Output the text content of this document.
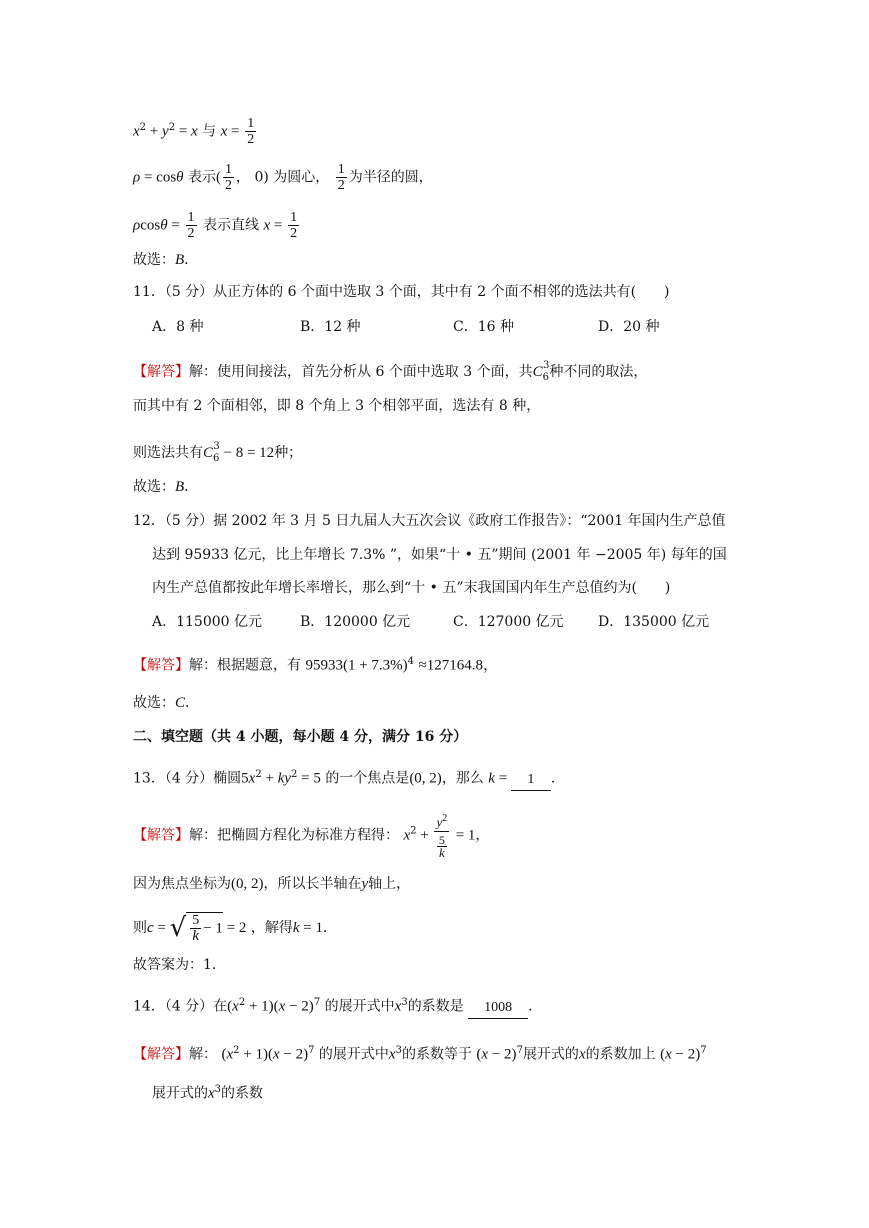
$x^2 + y^2 = x$ 与 $x = \frac{1}{2}$
ρ = cosθ 表示( $\frac{1}{2}$ ， 0) 为圆心， $\frac{1}{2}$ 为半径的圆，
$\rho\cos\theta = \frac{1}{2}$ 表示直线 $x = \frac{1}{2}$
故选：B．
11．（5 分）从正方体的 6 个面中选取 3 个面，其中有 2 个面不相邻的选法共有(　　)
A．8 种	B．12 种	C．16 种	D．20 种
【解答】解：使用间接法，首先分析从 6 个面中选取 3 个面，共$C_6^3$种不同的取法，
而其中有 2 个面相邻，即 8 个角上 3 个相邻平面，选法有 8 种，
则选法共有$C_6^3 - 8 = 12$种；
故选：B．
12．（5 分）据 2002 年 3 月 5 日九届人大五次会议《政府工作报告》：“2001 年国内生产总值
达到 95933 亿元，比上年增长 7.3% ”，如果“十 • 五”期间 (2001 年 −2005 年) 每年的国
内生产总值都按此年增长率增长，那么到“十 • 五”末我国国内年生产总值约为(　　)
A．115000 亿元	B．120000 亿元	C．127000 亿元 D．135000 亿元
【解答】解：根据题意，有 $95933(1 + 7.3\%)^4 \approx 127164.8$，
故选：C．
二、填空题（共 4 小题，每小题 4 分，满分 16 分）
13．（4 分）椭圆$5x^2 + ky^2 = 5$ 的一个焦点是(0, 2)，那么 k = 1 ．
【解答】解：把椭圆方程化为标准方程得： $x^2 + \frac{y^2}{\frac{5}{k}} = 1$，
因为焦点坐标为(0, 2)，所以长半轴在y轴上，
则c = √ $\frac{5}{k} - 1 = 2$ ，解得k = 1．
故答案为：1．
14．（4 分）在$(x^2 + 1)(x - 2)^7$ 的展开式中$x^3$的系数是 1008 ．
【解答】解： $(x^2 + 1)(x - 2)^7$ 的展开式中$x^3$的系数等于 $(x - 2)^7$展开式的x的系数加上 $(x - 2)^7$
展开式的$x^3$的系数
